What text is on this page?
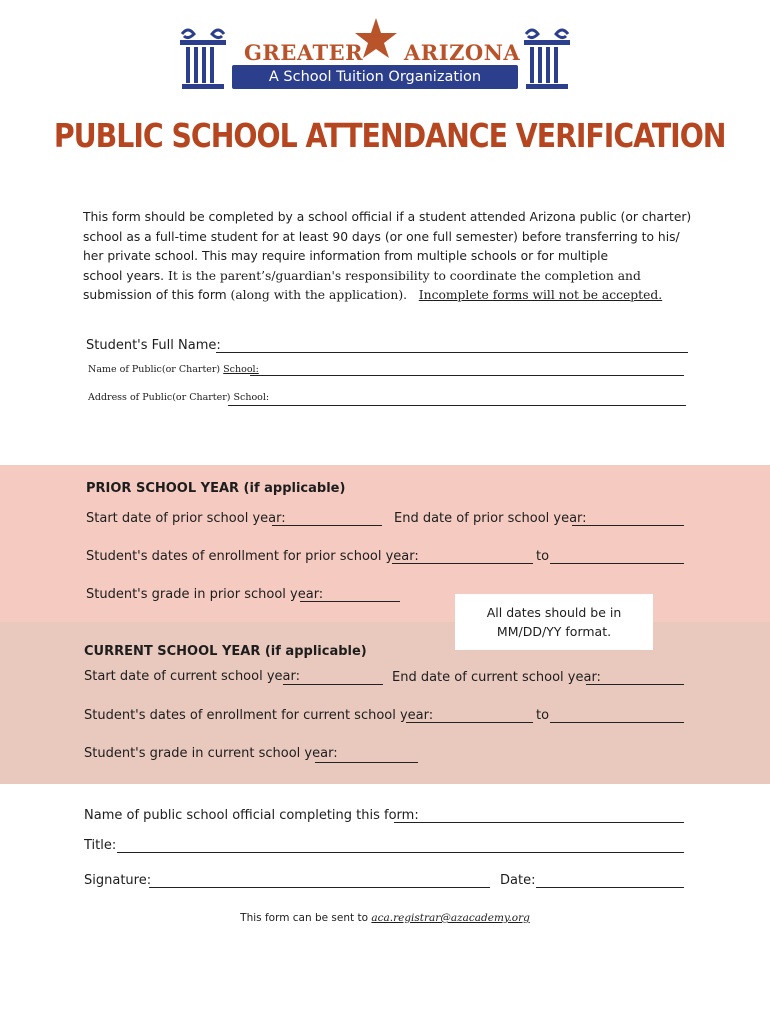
GREATER ARIZONA
A School Tuition Organization
PUBLIC SCHOOL ATTENDANCE VERIFICATION
This form should be completed by a school official if a student attended Arizona public (or charter)
school as a full-time student for at least 90 days (or one full semester) before transferring to his/
her private school. This may require information from multiple schools or for multiple
school years. It is the parent’s/guardian's responsibility to coordinate the completion and
submission of this form (along with the application). Incomplete forms will not be accepted.
Student's Full Name:
Name of Public(or Charter) School:
Address of Public(or Charter) School:
PRIOR SCHOOL YEAR (if applicable)
Start date of prior school year:	End date of prior school year:
Student's dates of enrollment for prior school year:	to
Student's grade in prior school year:
All dates should be in
MM/DD/YY format.
CURRENT SCHOOL YEAR (if applicable)
Start date of current school year:	End date of current school year:
Student's dates of enrollment for current school year:	to
Student's grade in current school year:
Name of public school official completing this form:
Title:
Signature:	Date:
This form can be sent to aca.registrar@azacademy.org
